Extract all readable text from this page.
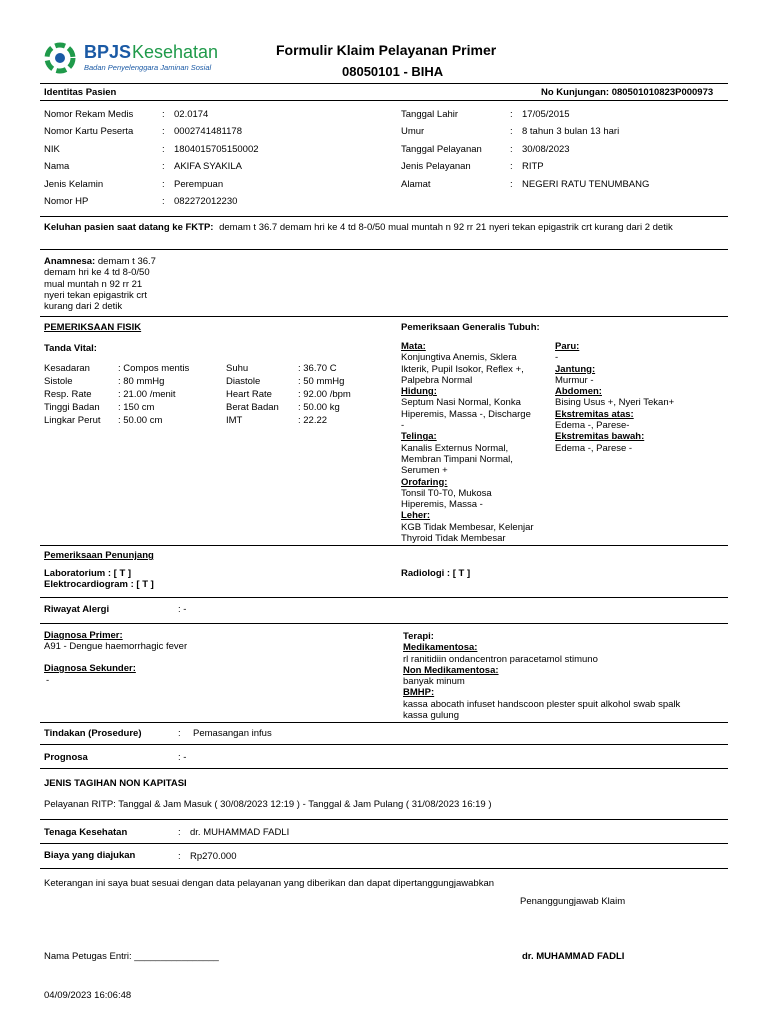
BPJS Kesehatan
Badan Penyelenggara Jaminan Sosial
Formulir Klaim Pelayanan Primer
08050101 - BIHA
Identitas Pasien	No Kunjungan: 080501010823P000973
Nomor Rekam Medis	: 02.0174
Nomor Kartu Peserta	: 0002741481178
NIK	: 1804015705150002
Nama	: AKIFA SYAKILA
Jenis Kelamin	: Perempuan
Nomor HP	: 082272012230
Tanggal Lahir	: 17/05/2015
Umur	: 8 tahun 3 bulan 13 hari
Tanggal Pelayanan	: 30/08/2023
Jenis Pelayanan	: RITP
Alamat	: NEGERI RATU TENUMBANG
Keluhan pasien saat datang ke FKTP: demam t 36.7 demam hri ke 4 td 8-0/50 mual muntah n 92 rr 21 nyeri tekan epigastrik crt kurang dari 2 detik
Anamnesa: demam t 36.7
demam hri ke 4 td 8-0/50
mual muntah n 92 rr 21
nyeri tekan epigastrik crt
kurang dari 2 detik
PEMERIKSAAN FISIK
Tanda Vital:
Kesadaran	: Compos mentis
Sistole	: 80 mmHg
Resp. Rate	: 21.00 /menit
Tinggi Badan : 150 cm
Lingkar Perut : 50.00 cm
Suhu	: 36.70 C
Diastole	: 50 mmHg
Heart Rate	: 92.00 /bpm
Berat Badan : 50.00 kg
IMT	: 22.22
Pemeriksaan Generalis Tubuh:
Mata:
Konjungtiva Anemis, Sklera
Ikterik, Pupil Isokor, Reflex +,
Palpebra Normal
Hidung:
Septum Nasi Normal, Konka
Hiperemis, Massa -, Discharge
-
Telinga:
Kanalis Externus Normal,
Membran Timpani Normal,
Serumen +
Orofaring:
Tonsil T0-T0, Mukosa
Hiperemis, Massa -
Leher:
KGB Tidak Membesar, Kelenjar
Thyroid Tidak Membesar
Paru:
-
Jantung:
Murmur -
Abdomen:
Bising Usus +, Nyeri Tekan+
Ekstremitas atas:
Edema -, Parese-
Ekstremitas bawah:
Edema -, Parese -
Pemeriksaan Penunjang
Laboratorium : [ T ]
Elektrocardiogram : [ T ]
Radiologi : [ T ]
Riwayat Alergi	: -
Diagnosa Primer:
A91 - Dengue haemorrhagic fever
Diagnosa Sekunder:
-
Terapi:
Medikamentosa:
rl ranitidiin ondancentron paracetamol stimuno
Non Medikamentosa:
banyak minum
BMHP:
kassa abocath infuset handscoon plester spuit alkohol swab spalk
kassa gulung
Tindakan (Prosedure)	: Pemasangan infus
Prognosa	: -
JENIS TAGIHAN NON KAPITASI
Pelayanan RITP: Tanggal & Jam Masuk ( 30/08/2023 12:19 ) - Tanggal & Jam Pulang ( 31/08/2023 16:19 )
Tenaga Kesehatan	: dr. MUHAMMAD FADLI
Biaya yang diajukan	: Rp270.000
Keterangan ini saya buat sesuai dengan data pelayanan yang diberikan dan dapat dipertanggungjawabkan
Penanggungjawab Klaim
Nama Petugas Entri: ________________	dr. MUHAMMAD FADLI
04/09/2023 16:06:48
